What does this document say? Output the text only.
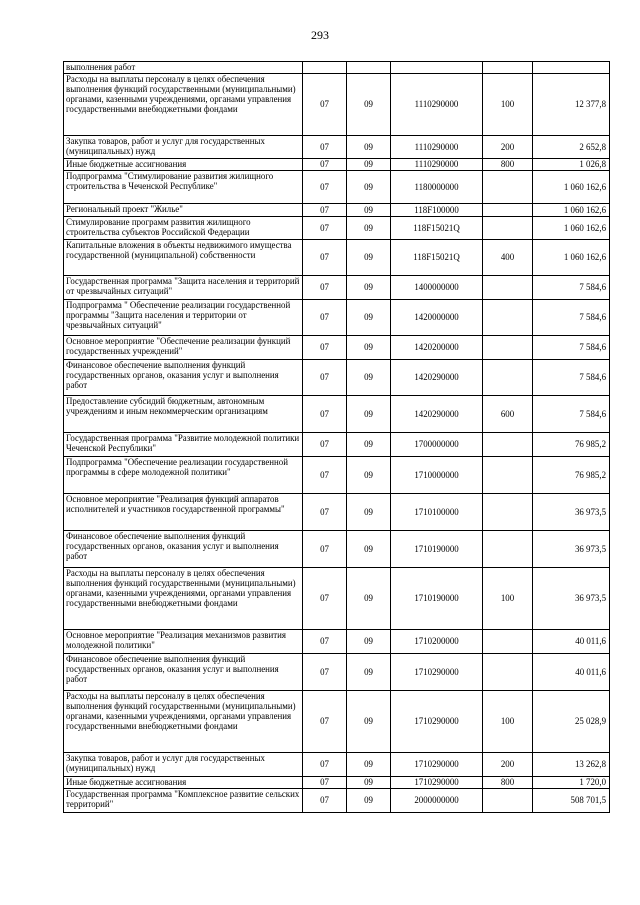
293
выполнения работ					
Расходы на выплаты персоналу в целях обеспечения выполнения функций государственными (муниципальными) органами, казенными учреждениями, органами управления государственными внебюджетными фондами	07	09	1110290000	100	12 377,8
Закупка товаров, работ и услуг для государственных (муниципальных) нужд	07	09	1110290000	200	2 652,8
Иные бюджетные ассигнования	07	09	1110290000	800	1 026,8
Подпрограмма "Стимулирование развития жилищного строительства в Чеченской Республике"	07	09	1180000000		1 060 162,6
Региональный проект "Жилье"	07	09	118F100000		1 060 162,6
Стимулирование программ развития жилищного строительства субъектов Российской Федерации	07	09	118F15021Q		1 060 162,6
Капитальные вложения в объекты недвижимого имущества государственной (муниципальной) собственности	07	09	118F15021Q	400	1 060 162,6
Государственная программа "Защита населения и территорий от чрезвычайных ситуаций"	07	09	1400000000		7 584,6
Подпрограмма " Обеспечение реализации государственной программы "Защита населения и территории от чрезвычайных ситуаций"	07	09	1420000000		7 584,6
Основное мероприятие "Обеспечение реализации функций государственных учреждений"	07	09	1420200000		7 584,6
Финансовое обеспечение выполнения функций государственных органов, оказания услуг и выполнения работ	07	09	1420290000		7 584,6
Предоставление субсидий бюджетным, автономным учреждениям и иным некоммерческим организациям	07	09	1420290000	600	7 584,6
Государственная программа "Развитие молодежной политики Чеченской Республики"	07	09	1700000000		76 985,2
Подпрограмма "Обеспечение реализации государственной программы в сфере молодежной политики"	07	09	1710000000		76 985,2
Основное мероприятие "Реализация функций аппаратов исполнителей и участников государственной программы"	07	09	1710100000		36 973,5
Финансовое обеспечение выполнения функций государственных органов, оказания услуг и выполнения работ	07	09	1710190000		36 973,5
Расходы на выплаты персоналу в целях обеспечения выполнения функций государственными (муниципальными) органами, казенными учреждениями, органами управления государственными внебюджетными фондами	07	09	1710190000	100	36 973,5
Основное мероприятие "Реализация механизмов развития молодежной политики"	07	09	1710200000		40 011,6
Финансовое обеспечение выполнения функций государственных органов, оказания услуг и выполнения работ	07	09	1710290000		40 011,6
Расходы на выплаты персоналу в целях обеспечения выполнения функций государственными (муниципальными) органами, казенными учреждениями, органами управления государственными внебюджетными фондами	07	09	1710290000	100	25 028,9
Закупка товаров, работ и услуг для государственных (муниципальных) нужд	07	09	1710290000	200	13 262,8
Иные бюджетные ассигнования	07	09	1710290000	800	1 720,0
Государственная программа "Комплексное развитие сельских территорий"	07	09	2000000000		508 701,5
